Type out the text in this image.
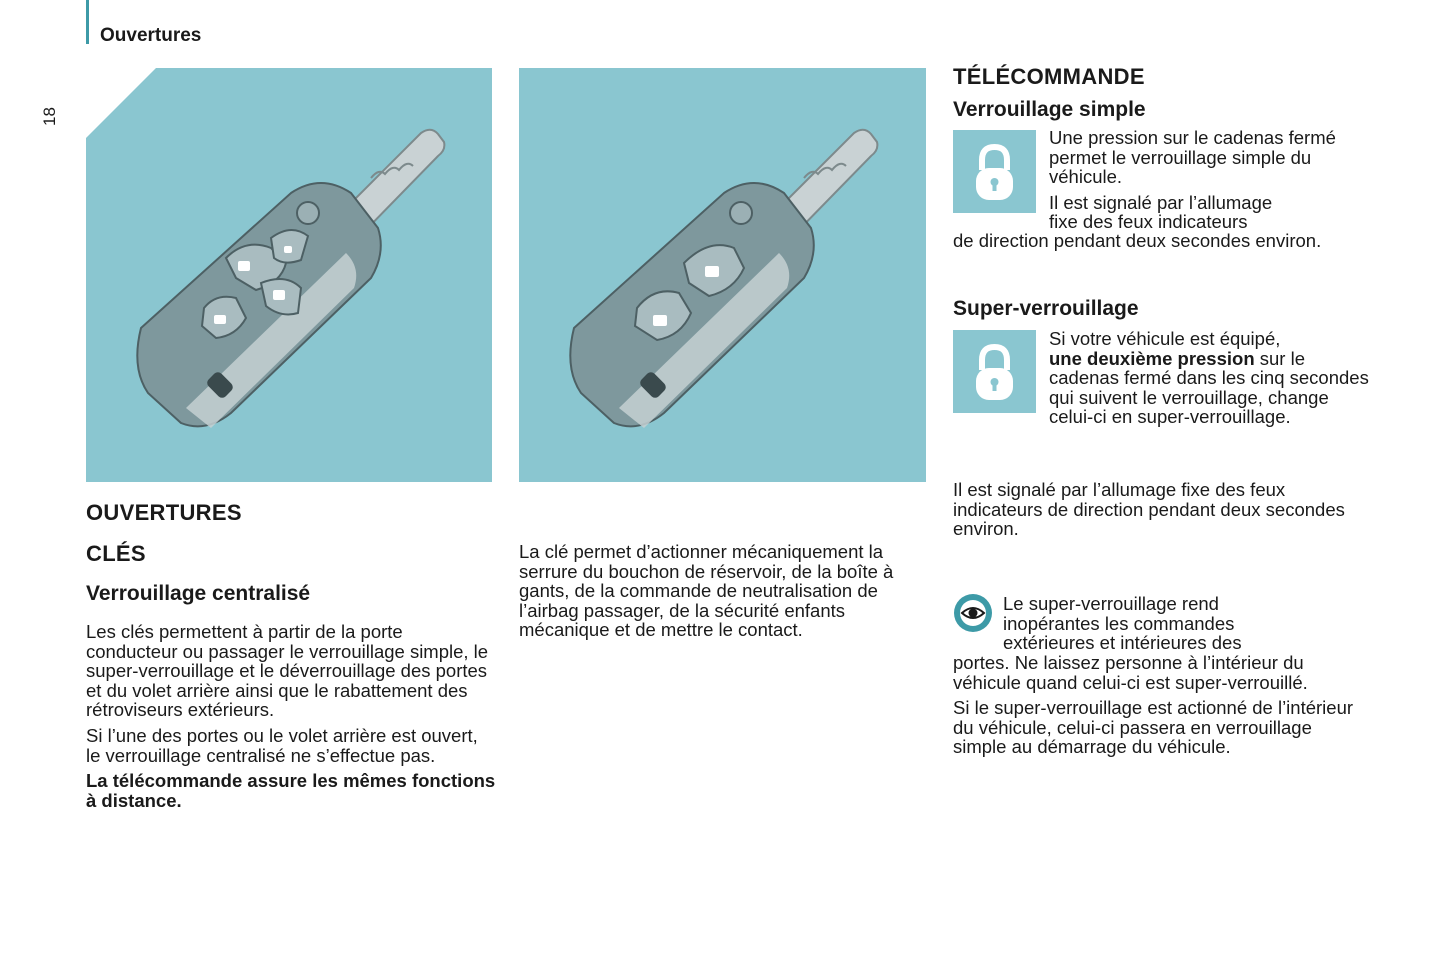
Ouvertures
18
OUVERTURES
CLÉS
Verrouillage centralisé

Les clés permettent à partir de la porte conducteur ou passager le verrouillage simple, le super-verrouillage et le déverrouillage des portes et du volet arrière ainsi que le rabattement des rétroviseurs extérieurs.

Si l’une des portes ou le volet arrière est ouvert, le verrouillage centralisé ne s’effectue pas.

La télécommande assure les mêmes fonctions à distance.

La clé permet d’actionner mécaniquement la serrure du bouchon de réservoir, de la boîte à gants, de la commande de neutralisation de l’airbag passager, de la sécurité enfants mécanique et de mettre le contact.

TÉLÉCOMMANDE
Verrouillage simple

Une pression sur le cadenas fermé permet le verrouillage simple du véhicule.

Il est signalé par l’allumage
fixe des feux indicateurs
de direction pendant deux secondes environ.
Super-verrouillage
Si votre véhicule est équipé,
une deuxième pression sur le cadenas fermé dans les cinq secondes qui suivent le verrouillage, change celui-ci en super-verrouillage.
Il est signalé par l’allumage fixe des feux indicateurs de direction pendant deux secondes environ.
Le super-verrouillage rend
inopérantes les commandes
extérieures et intérieures des

portes. Ne laissez personne à l’intérieur du véhicule quand celui-ci est super-verrouillé.

Si le super-verrouillage est actionné de l’intérieur du véhicule, celui-ci passera en verrouillage simple au démarrage du véhicule.
